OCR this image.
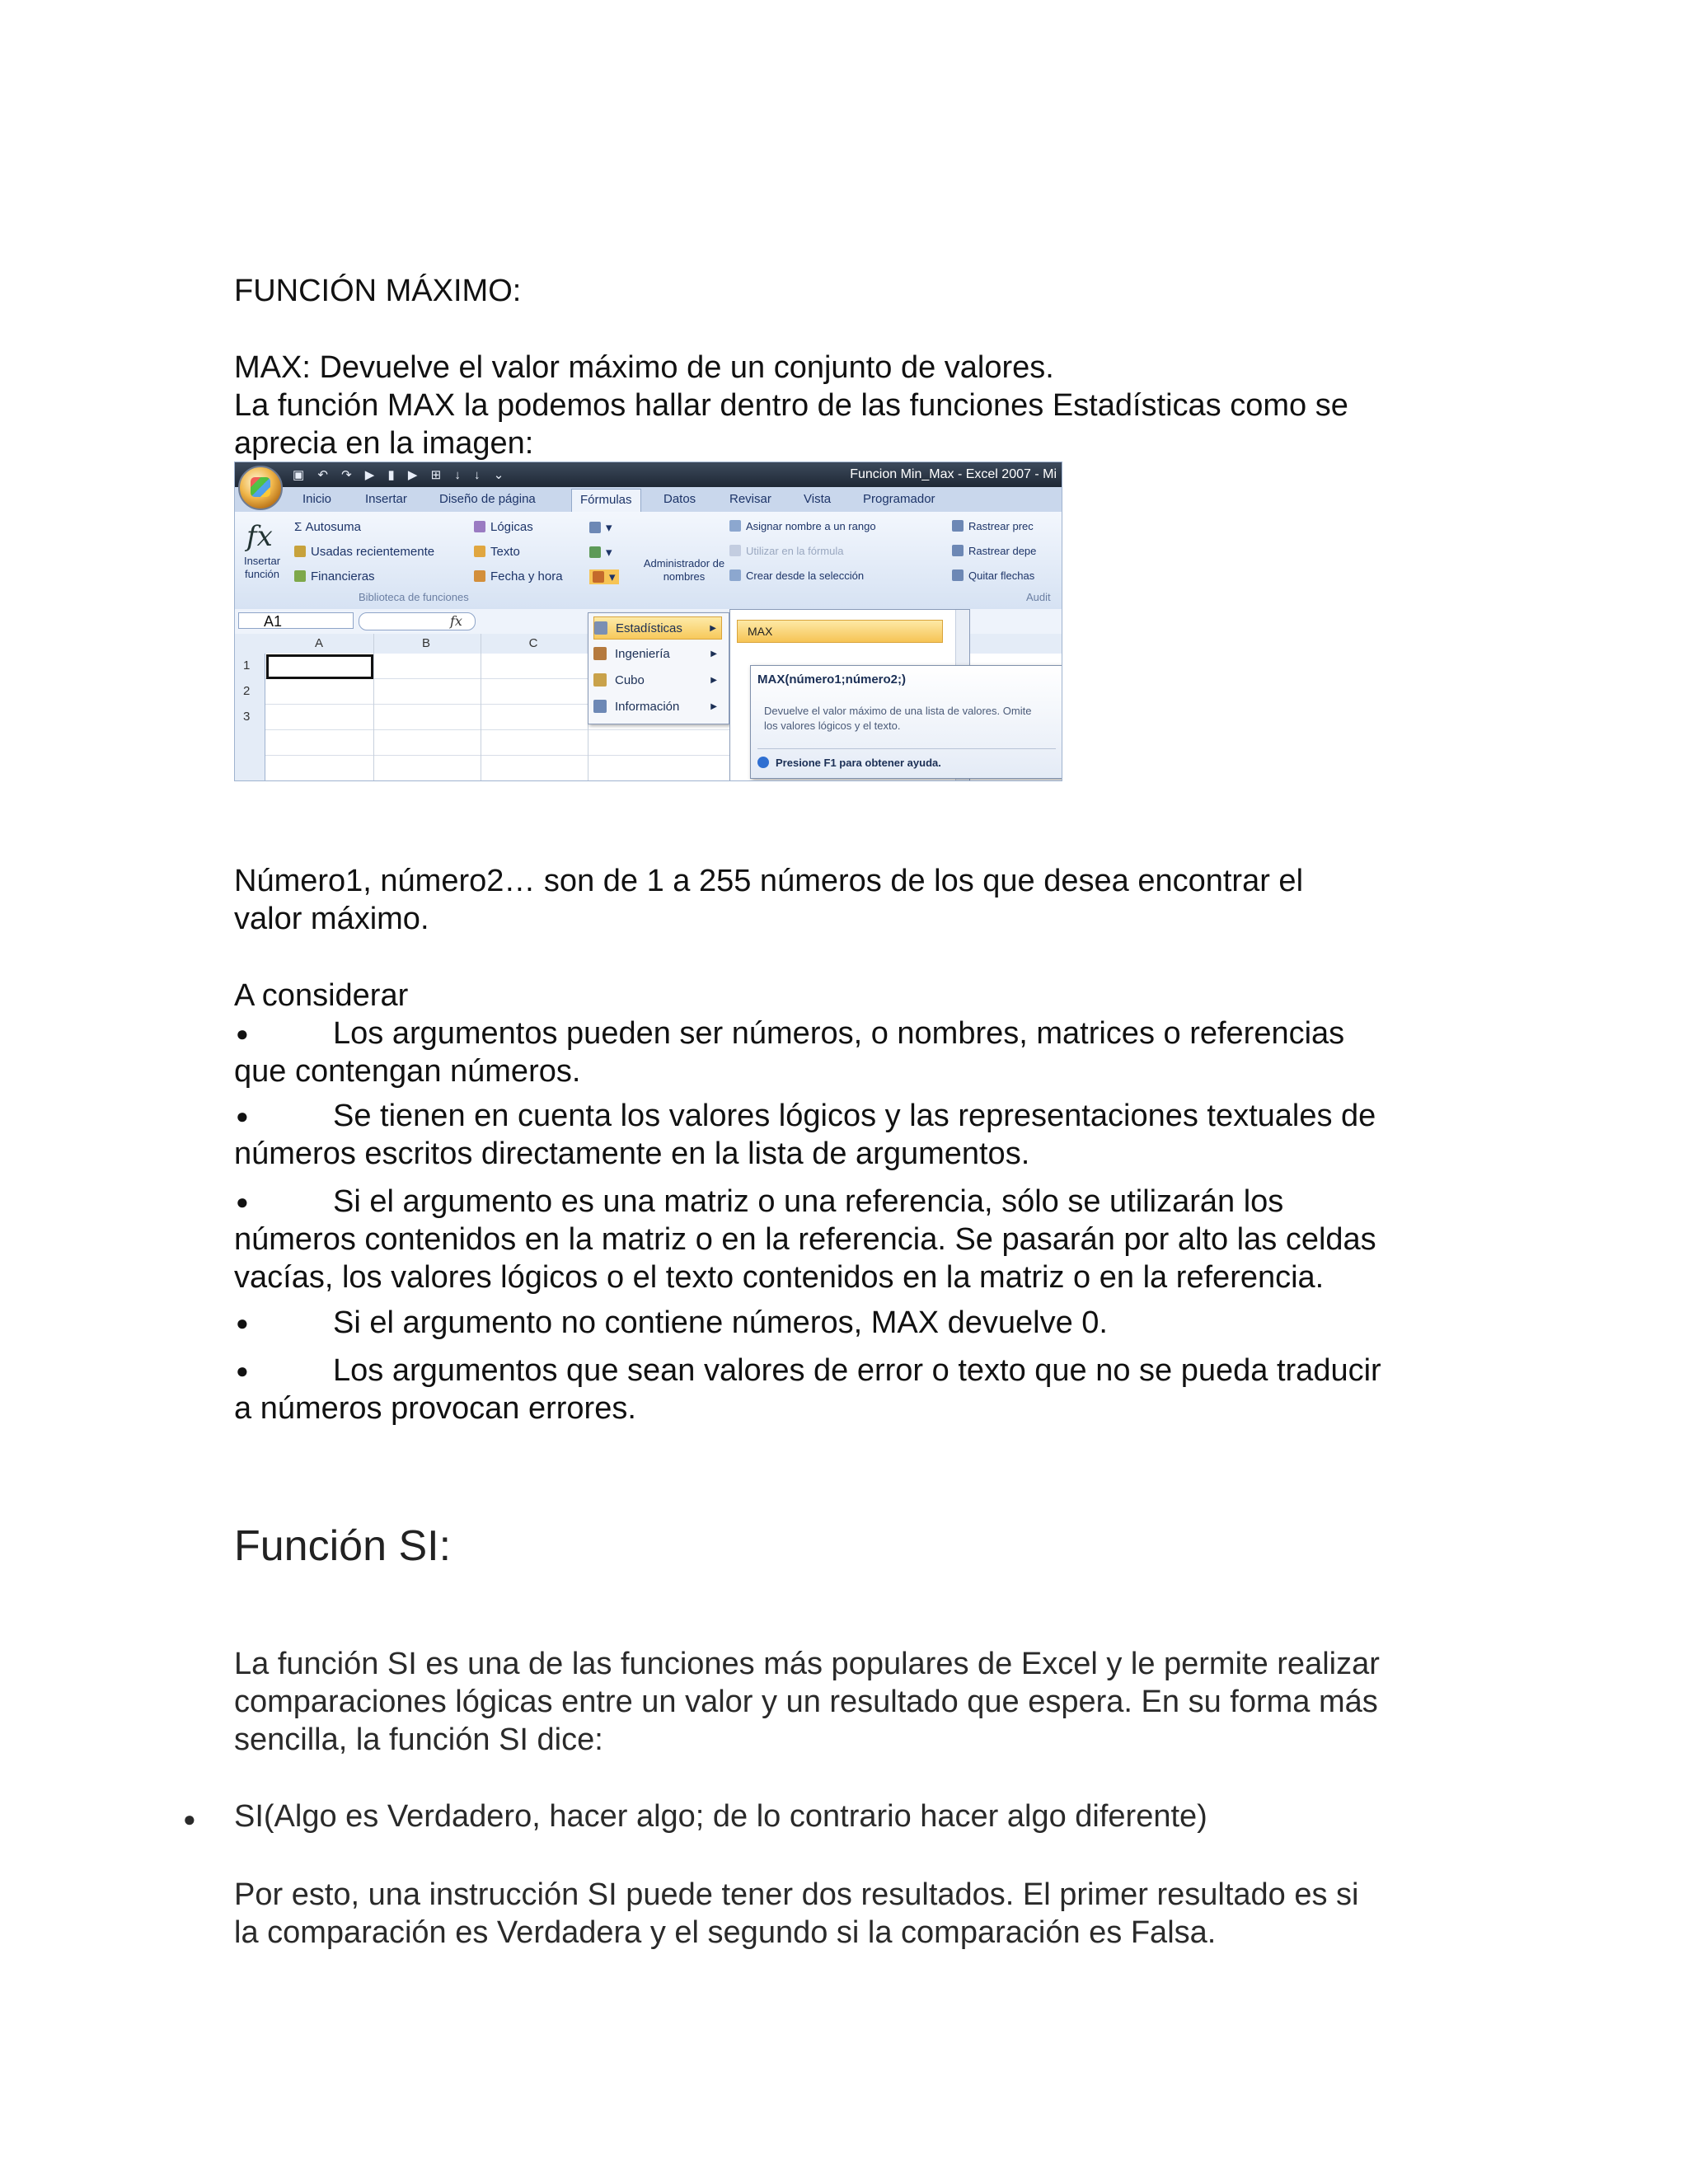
FUNCIÓN MÁXIMO:
MAX: Devuelve el valor máximo de un conjunto de valores.
La función MAX la podemos hallar dentro de las funciones Estadísticas como se
aprecia en la imagen:
▣ ↶ ↷ ▶ ▮ ▶ ⊞ ↓ ↓ ⌄	Funcion Min_Max - Excel 2007 - Mi
Inicio	Insertar	Diseño de página	Fórmulas	Datos	Revisar	Vista	Programador
fx
Insertar función
Σ Autosuma
Usadas recientemente
Financieras
Lógicas
Texto
Fecha y hora
▾
▾
▾
Administrador de nombres
Asignar nombre a un rango
Utilizar en la fórmula
Crear desde la selección
Rastrear prec
Rastrear depe
Quitar flechas
Biblioteca de funciones	Audit
A1	fx
A	B	C
1
2
3
Estadísticas	▶
Ingeniería	▶
Cubo	▶
Información	▶
MAX
MAX(número1;número2;)
Devuelve el valor máximo de una lista de valores. Omite los valores lógicos y el texto.
Presione F1 para obtener ayuda.
Número1, número2… son de 1 a 255 números de los que desea encontrar el
valor máximo.
A considerar
●	Los argumentos pueden ser números, o nombres, matrices o referencias
que contengan números.
●	Se tienen en cuenta los valores lógicos y las representaciones textuales de
números escritos directamente en la lista de argumentos.
●	Si el argumento es una matriz o una referencia, sólo se utilizarán los
números contenidos en la matriz o en la referencia. Se pasarán por alto las celdas
vacías, los valores lógicos o el texto contenidos en la matriz o en la referencia.
●	Si el argumento no contiene números, MAX devuelve 0.
●	Los argumentos que sean valores de error o texto que no se pueda traducir
a números provocan errores.
Función SI:
La función SI es una de las funciones más populares de Excel y le permite realizar
comparaciones lógicas entre un valor y un resultado que espera. En su forma más
sencilla, la función SI dice:
● SI(Algo es Verdadero, hacer algo; de lo contrario hacer algo diferente)
Por esto, una instrucción SI puede tener dos resultados. El primer resultado es si
la comparación es Verdadera y el segundo si la comparación es Falsa.
